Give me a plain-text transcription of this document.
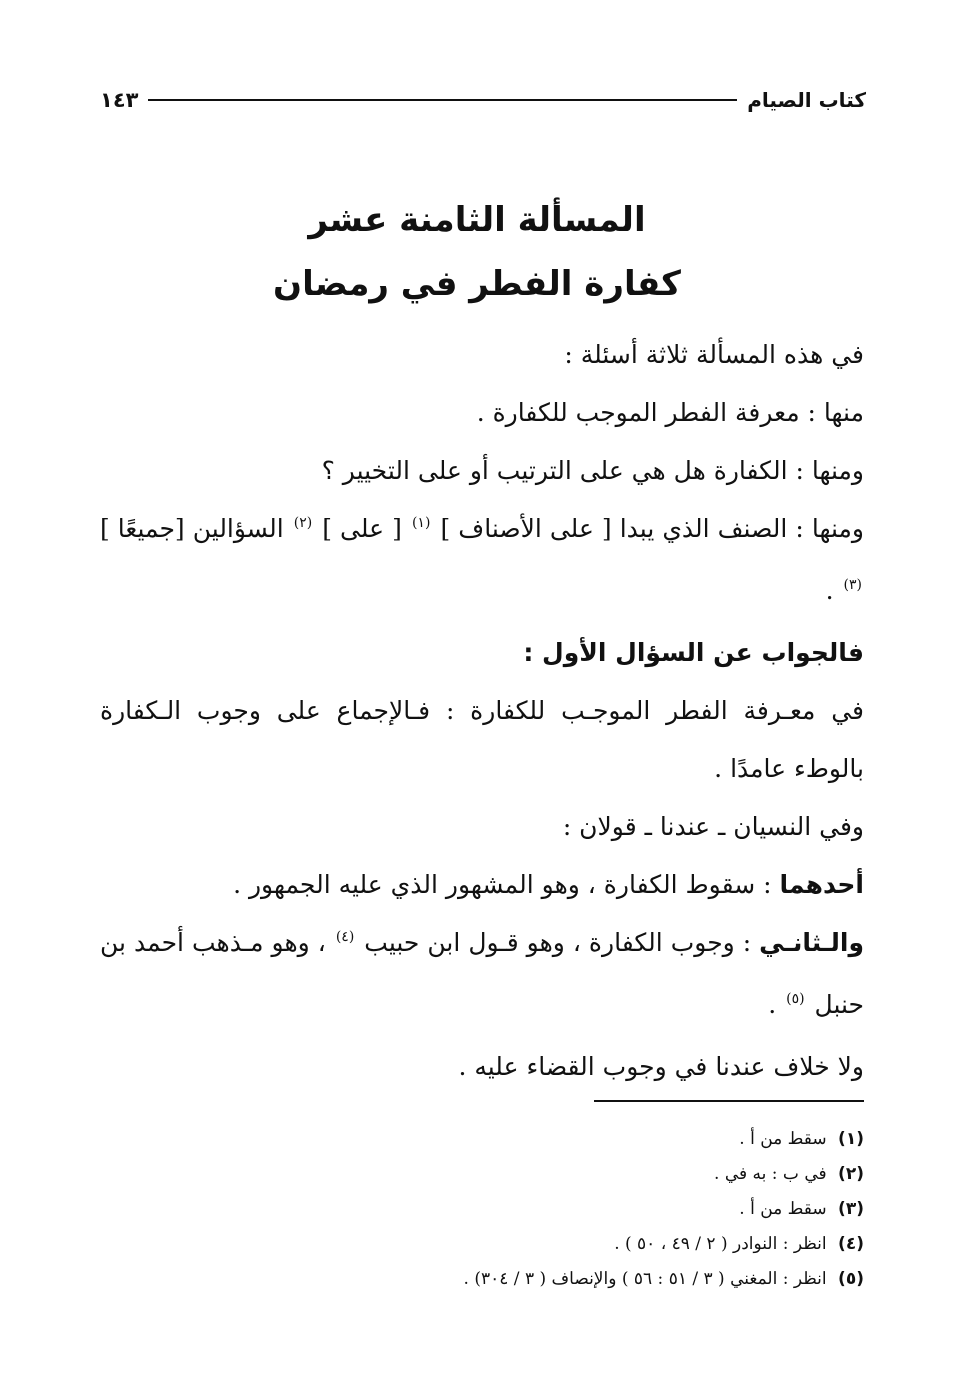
كتاب الصيام
١٤٣
المسألة الثامنة عشر
كفارة الفطر في رمضان

في هذه المسألة ثلاثة أسئلة :

منها : معرفة الفطر الموجب للكفارة .

ومنها : الكفارة هل هي على الترتيب أو على التخيير ؟

ومنها : الصنف الذي يبدا [ على الأصناف ] $^{(١)}$ [ على ] $^{(٢)}$ السؤالين [جميعًا ] $^{(٣)}$ .

فالجواب عن السؤال الأول :

في معـرفة الفطر الموجـب للكفارة : فـالإجماع على وجوب الـكفارة بالوطء عامدًا .

وفي النسيان ـ عندنا ـ قولان :

أحدهما : سقوط الكفارة ، وهو المشهور الذي عليه الجمهور .

والـثانـي : وجوب الكفارة ، وهو قـول ابن حبيب $^{(٤)}$ ، وهو مـذهب أحمد بن حنبل $^{(٥)}$ .

ولا خلاف عندنا في وجوب القضاء عليه .

(١) سقط من أ .

(٢) في ب : به في .

(٣) سقط من أ .

(٤) انظر : النوادر ( ٢ / ٤٩ ، ٥٠ ) .

(٥) انظر : المغني ( ٣ / ٥١ : ٥٦ ) والإنصاف ( ٣ / ٣٠٤) .
